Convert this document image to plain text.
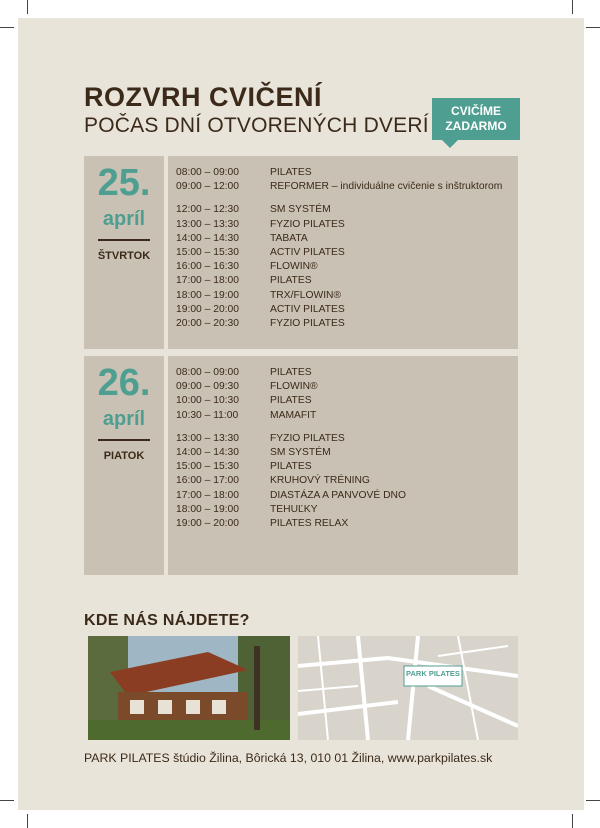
ROZVRH CVIČENÍ
POČAS DNÍ OTVORENÝCH DVERÍ
CVIČÍME
ZADARMO
25.
apríl
ŠTVRTOK
08:00 – 09:00	PILATES
09:00 – 12:00	REFORMER – individuálne cvičenie s inštruktorom
12:00 – 12:30	SM SYSTÉM
13:00 – 13:30	FYZIO PILATES
14:00 – 14:30	TABATA
15:00 – 15:30	ACTIV PILATES
16:00 – 16:30	FLOWIN®
17:00 – 18:00	PILATES
18:00 – 19:00	TRX/FLOWIN®
19:00 – 20:00	ACTIV PILATES
20:00 – 20:30	FYZIO PILATES
26.
apríl
PIATOK
08:00 – 09:00	PILATES
09:00 – 09:30	FLOWIN®
10:00 – 10:30	PILATES
10:30 – 11:00	MAMAFIT
13:00 – 13:30	FYZIO PILATES
14:00 – 14:30	SM SYSTÉM
15:00 – 15:30	PILATES
16:00 – 17:00	KRUHOVÝ TRÉNING
17:00 – 18:00	DIASTÁZA A PANVOVÉ DNO
18:00 – 19:00	TEHUĽKY
19:00 – 20:00	PILATES RELAX
KDE NÁS NÁJDETE?
PARK PILATES
PARK PILATES štúdio Žilina, Bôrická 13, 010 01 Žilina, www.parkpilates.sk
